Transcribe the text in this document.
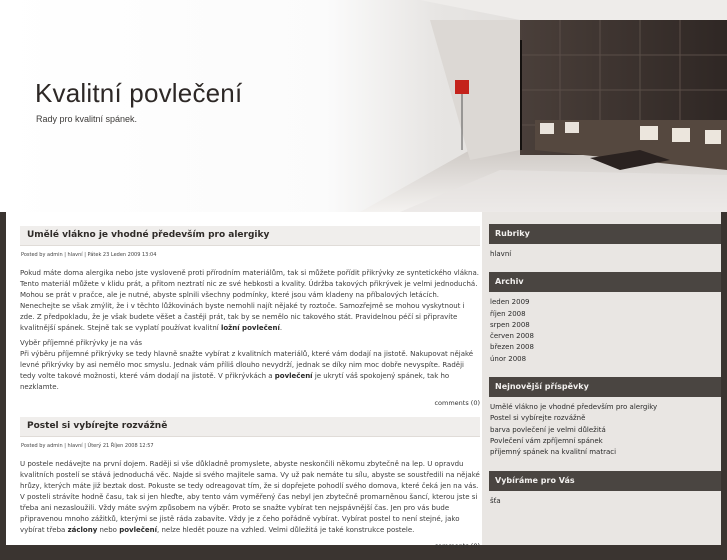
Kvalitní povlečení
Rady pro kvalitní spánek.
Umělé vlákno je vhodné především pro alergiky
Posted by admin | hlavní | Pátek 23 Leden 2009 13:04

Pokud máte doma alergika nebo jste vysloveně proti přírodním materiálům, tak si můžete pořídit přikrývky ze syntetického vlákna. Tento materiál můžete v klidu prát, a přitom neztratí nic ze své hebkosti a kvality. Údržba takových přikrývek je velmi jednoduchá. Mohou se prát v pračce, ale je nutné, abyste splnili všechny podmínky, které jsou vám kladeny na příbalových letácích. Nenechejte se však zmýlit, že i v těchto lůžkovinách byste nemohli najít nějaké ty roztoče. Samozřejmě se mohou vyskytnout i zde. Z předpokladu, že je však budete věšet a častěji prát, tak by se nemělo nic takového stát. Pravidelnou péčí si připravíte kvalitnější spánek. Stejně tak se vyplatí používat kvalitní ložní povlečení.

Vyběr příjemné přikrývky je na vás
Při výběru příjemné přikrývky se tedy hlavně snažte vybírat z kvalitních materiálů, které vám dodají na jistotě. Nakupovat nějaké levné přikrývky by asi nemělo moc smyslu. Jednak vám příliš dlouho nevydrží, jednak se díky nim moc dobře nevyspíte. Raději tedy volte takové možnosti, které vám dodají na jistotě. V přikrývkách a povlečení je ukrytí váš spokojený spánek, tak ho nezklamte.

comments (0)
Postel si vybírejte rozvážně
Posted by admin | hlavní | Úterý 21 Říjen 2008 12:57

U postele nedávejte na první dojem. Raději si vše důkladně promyslete, abyste neskončili někomu zbytečně na lep. U opravdu kvalitních postelí se stává jednoduchá věc. Najde si svého majitele sama. Vy už pak nemáte tu sílu, abyste se soustředili na nějaké hrůzy, kterých máte již beztak dost. Pokuste se tedy odreagovat tím, že si dopřejete pohodlí svého domova, které čeká jen na vás. V posteli strávíte hodně času, tak si jen hleďte, aby tento vám vyměřený čas nebyl jen zbytečně promarněnou šancí, kterou jste si třeba ani nezasloužili. Vždy máte svým způsobem na výběr. Proto se snažte vybírat ten nejspávnější čas. Jen pro vás bude připravenou mnoho zážitků, kterými se jistě ráda zabavíte. Vždy je z čeho pořádně vybírat. Vybírat postel to není stejné, jako vybírat třeba záclony nebo povlečení, nelze hledět pouze na vzhled. Velmi důležitá je také konstrukce postele.

comments (0)
Rubriky
hlavní
Archiv
leden 2009
říjen 2008
srpen 2008
červen 2008
březen 2008
únor 2008
Nejnovější příspěvky
Umělé vlákno je vhodné především pro alergiky
Postel si vybírejte rozvážně
barva povlečení je velmi důležitá
Povlečení vám zpříjemní spánek
příjemný spánek na kvalitní matraci
Vybíráme pro Vás
šťa
